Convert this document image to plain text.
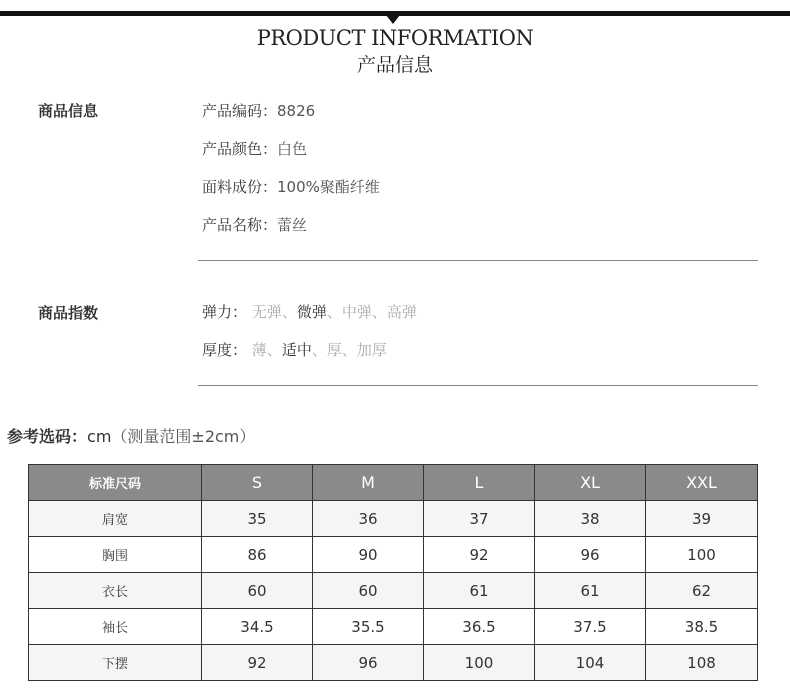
PRODUCT INFORMATION
产品信息
商品信息	产品编码：8826
产品颜色：白色
面料成份：100%聚酯纤维
产品名称：蕾丝
商品指数	弹力： 无弹、微弹、中弹、高弹
厚度： 薄、适中、厚、加厚
参考选码：cm（测量范围±2cm）
标准尺码	S	M	L	XL	XXL
肩宽	35	36	37	38	39
胸围	86	90	92	96	100
衣长	60	60	61	61	62
袖长	34.5	35.5	36.5	37.5	38.5
下摆	92	96	100	104	108
